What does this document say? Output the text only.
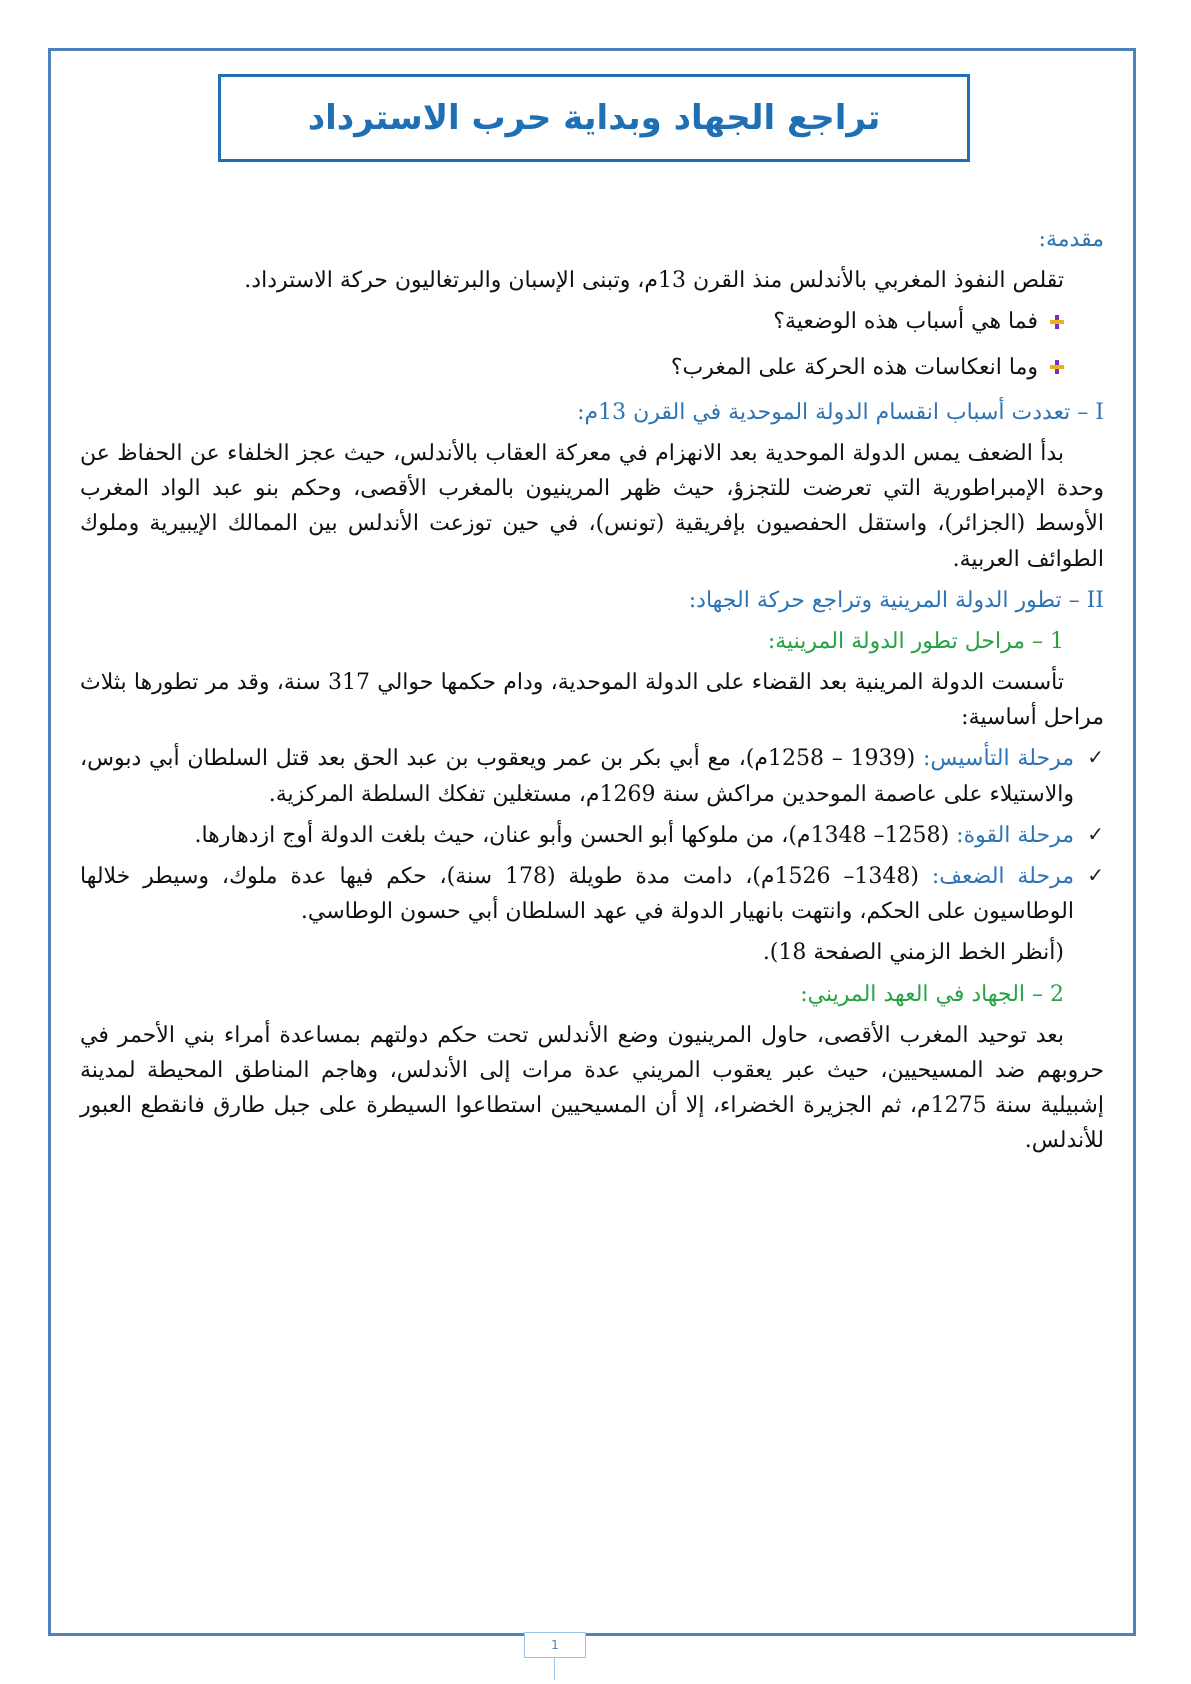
تراجع الجهاد وبداية حرب الاسترداد
مقدمة:

تقلص النفوذ المغربي بالأندلس منذ القرن 13م، وتبنى الإسبان والبرتغاليون حركة الاسترداد.

فما هي أسباب هذه الوضعية؟
وما انعكاسات هذه الحركة على المغرب؟
I – تعددت أسباب انقسام الدولة الموحدية في القرن 13م:

بدأ الضعف يمس الدولة الموحدية بعد الانهزام في معركة العقاب بالأندلس، حيث عجز الخلفاء عن الحفاظ عن وحدة الإمبراطورية التي تعرضت للتجزؤ، حيث ظهر المرينيون بالمغرب الأقصى، وحكم بنو عبد الواد المغرب الأوسط (الجزائر)، واستقل الحفصيون بإفريقية (تونس)، في حين توزعت الأندلس بين الممالك الإيبيرية وملوك الطوائف العربية.

II – تطور الدولة المرينية وتراجع حركة الجهاد:
1 – مراحل تطور الدولة المرينية:

تأسست الدولة المرينية بعد القضاء على الدولة الموحدية، ودام حكمها حوالي 317 سنة، وقد مر تطورها بثلاث مراحل أساسية:

✓
مرحلة التأسيس: (1939 – 1258م)، مع أبي بكر بن عمر ويعقوب بن عبد الحق بعد قتل السلطان أبي دبوس، والاستيلاء على عاصمة الموحدين مراكش سنة 1269م، مستغلين تفكك السلطة المركزية.
✓
مرحلة القوة: (1258– 1348م)، من ملوكها أبو الحسن وأبو عنان، حيث بلغت الدولة أوج ازدهارها.
✓
مرحلة الضعف: (1348– 1526م)، دامت مدة طويلة (178 سنة)، حكم فيها عدة ملوك، وسيطر خلالها الوطاسيون على الحكم، وانتهت بانهيار الدولة في عهد السلطان أبي حسون الوطاسي.
(أنظر الخط الزمني الصفحة 18).
2 – الجهاد في العهد المريني:

بعد توحيد المغرب الأقصى، حاول المرينيون وضع الأندلس تحت حكم دولتهم بمساعدة أمراء بني الأحمر في حروبهم ضد المسيحيين، حيث عبر يعقوب المريني عدة مرات إلى الأندلس، وهاجم المناطق المحيطة لمدينة إشبيلية سنة 1275م، ثم الجزيرة الخضراء، إلا أن المسيحيين استطاعوا السيطرة على جبل طارق فانقطع العبور للأندلس.

1
